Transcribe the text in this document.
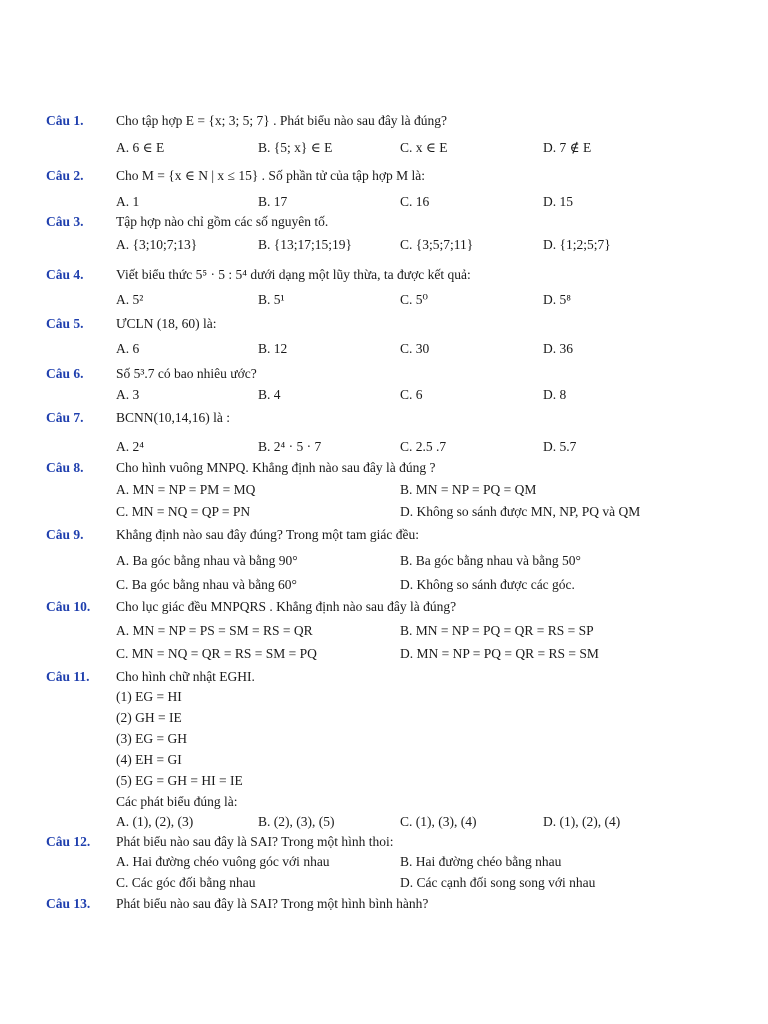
Câu 1. Cho tập hợp E = {x; 3; 5; 7} . Phát biểu nào sau đây là đúng?
A. 6 ∈ E	B. {5; x} ∈ E	C. x ∈ E	D. 7 ∉ E
Câu 2. Cho M = {x ∈ N | x ≤ 15} . Số phần tử của tập hợp M là:
A. 1	B. 17	C. 16	D. 15
Câu 3. Tập hợp nào chỉ gồm các số nguyên tố.
A. {3;10;7;13}	B. {13;17;15;19}	C. {3;5;7;11}	D. {1;2;5;7}
Câu 4. Viết biểu thức 5⁵ · 5 : 5⁴ dưới dạng một lũy thừa, ta được kết quả:
A. 5²	B. 5¹	C. 5⁰	D. 5⁸
Câu 5. ƯCLN (18, 60) là:
A. 6	B. 12	C. 30	D. 36
Câu 6. Số 5³.7 có bao nhiêu ước?
A. 3	B. 4	C. 6	D. 8
Câu 7. BCNN(10,14,16) là :
A. 2⁴	B. 2⁴ · 5 · 7	C. 2.5 .7	D. 5.7
Câu 8. Cho hình vuông MNPQ. Khẳng định nào sau đây là đúng ?
A. MN = NP = PM = MQ	B. MN = NP = PQ = QM
C. MN = NQ = QP = PN	D. Không so sánh được MN, NP, PQ và QM
Câu 9. Khẳng định nào sau đây đúng? Trong một tam giác đều:
A. Ba góc bằng nhau và bằng 90°	B. Ba góc bằng nhau và bằng 50°
C. Ba góc bằng nhau và bằng 60°	D. Không so sánh được các góc.
Câu 10. Cho lục giác đều MNPQRS . Khẳng định nào sau đây là đúng?
A. MN = NP = PS = SM = RS = QR	B. MN = NP = PQ = QR = RS = SP
C. MN = NQ = QR = RS = SM = PQ	D. MN = NP = PQ = QR = RS = SM
Câu 11. Cho hình chữ nhật EGHI.
(1) EG = HI
(2) GH = IE
(3) EG = GH
(4) EH = GI
(5) EG = GH = HI = IE
Các phát biểu đúng là:
A. (1), (2), (3)	B. (2), (3), (5)	C. (1), (3), (4)	D. (1), (2), (4)
Câu 12. Phát biểu nào sau đây là SAI? Trong một hình thoi:
A. Hai đường chéo vuông góc với nhau	B. Hai đường chéo bằng nhau
C. Các góc đối bằng nhau	D. Các cạnh đối song song với nhau
Câu 13. Phát biểu nào sau đây là SAI? Trong một hình bình hành?
